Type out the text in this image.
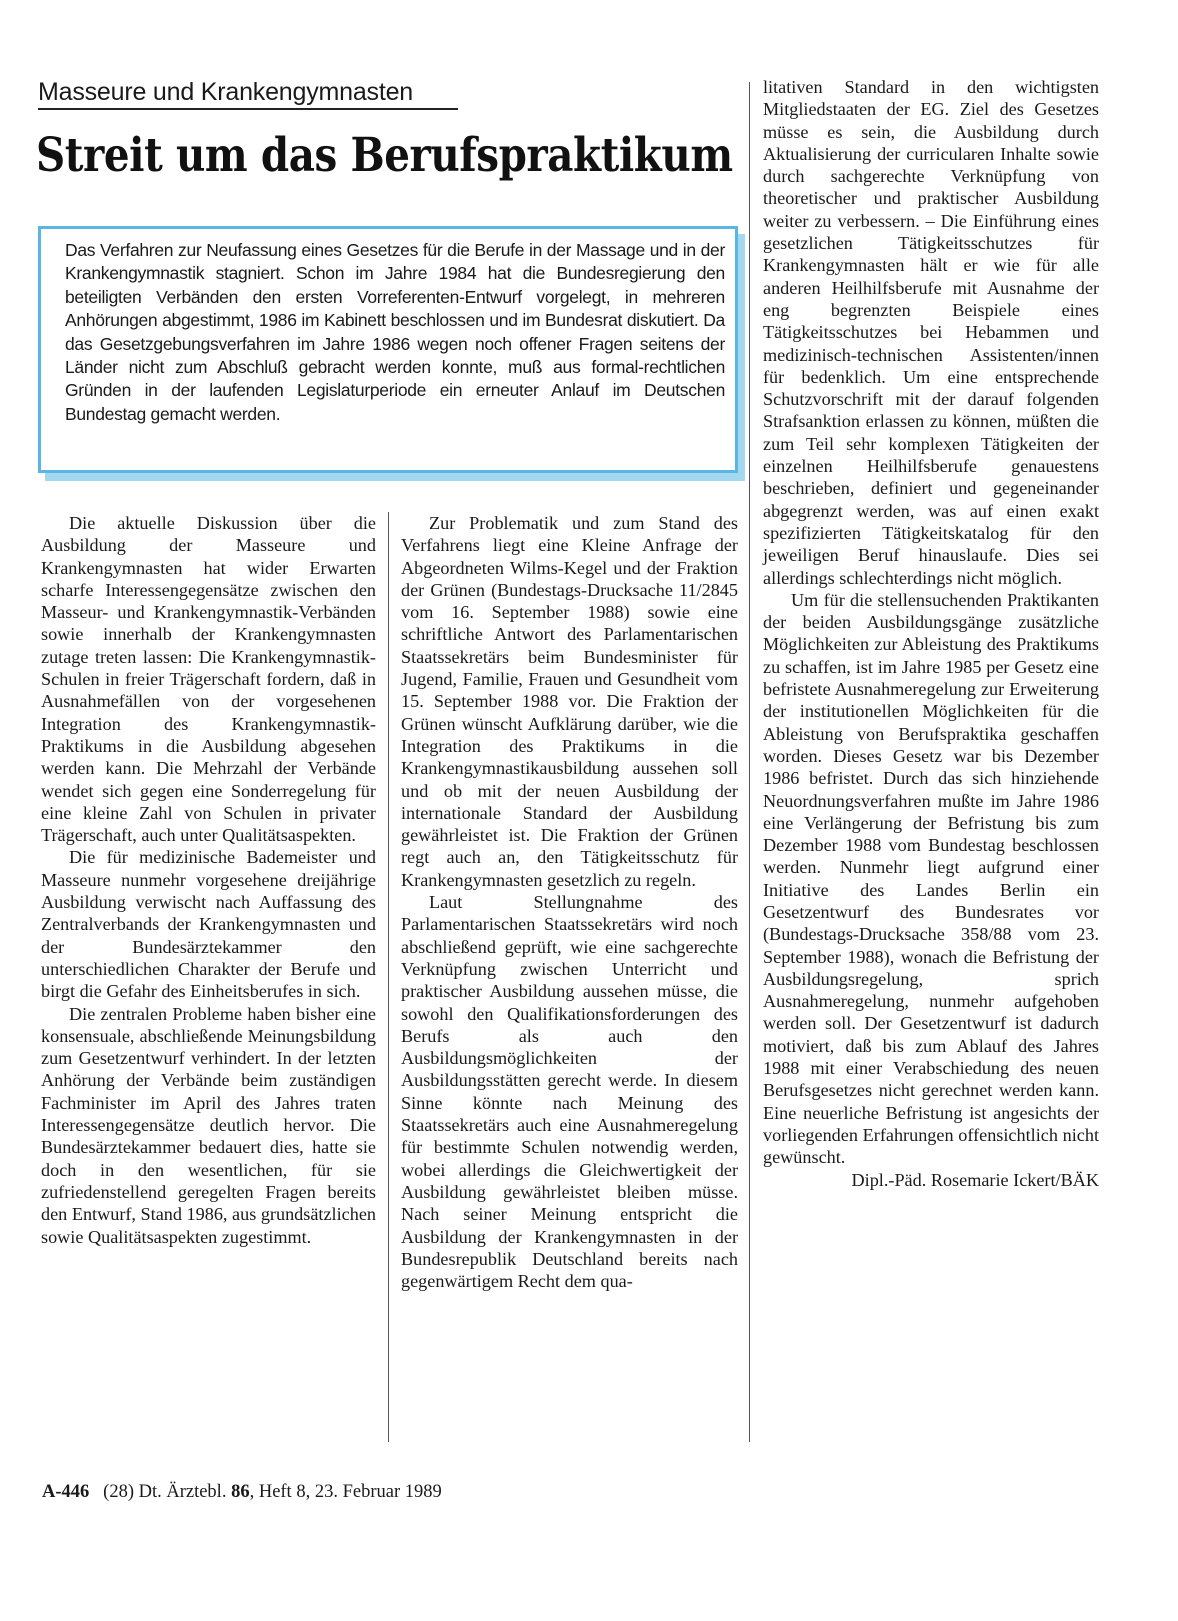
Masseure und Krankengymnasten
Streit um das Berufspraktikum
Das Verfahren zur Neufassung eines Gesetzes für die Berufe in der Massage und in der Krankengymnastik stagniert. Schon im Jahre 1984 hat die Bundesregierung den beteiligten Verbänden den ersten Vorreferenten-Entwurf vorgelegt, in mehreren Anhörungen abgestimmt, 1986 im Kabinett beschlossen und im Bundesrat diskutiert. Da das Gesetzgebungsverfahren im Jahre 1986 wegen noch offener Fragen seitens der Länder nicht zum Abschluß gebracht werden konnte, muß aus formal-rechtlichen Gründen in der laufenden Legislaturperiode ein erneuter Anlauf im Deutschen Bundestag gemacht werden.

Die aktuelle Diskussion über die Ausbildung der Masseure und Krankengymnasten hat wider Erwarten scharfe Interessengegensätze zwischen den Masseur- und Krankengymnastik-Verbänden sowie innerhalb der Krankengymnasten zutage treten lassen: Die Krankengymnastik-Schulen in freier Trägerschaft fordern, daß in Ausnahmefällen von der vorgesehenen Integration des Krankengymnastik-Praktikums in die Ausbildung abgesehen werden kann. Die Mehrzahl der Verbände wendet sich gegen eine Sonderregelung für eine kleine Zahl von Schulen in privater Trägerschaft, auch unter Qualitätsaspekten.

Die für medizinische Bademeister und Masseure nunmehr vorgesehene dreijährige Ausbildung verwischt nach Auffassung des Zentralverbands der Krankengymnasten und der Bundesärztekammer den unterschiedlichen Charakter der Berufe und birgt die Gefahr des Einheitsberufes in sich.

Die zentralen Probleme haben bisher eine konsensuale, abschließende Meinungsbildung zum Gesetzentwurf verhindert. In der letzten Anhörung der Verbände beim zuständigen Fachminister im April des Jahres traten Interessengegensätze deutlich hervor. Die Bundesärztekammer bedauert dies, hatte sie doch in den wesentlichen, für sie zufriedenstellend geregelten Fragen bereits den Entwurf, Stand 1986, aus grundsätzlichen sowie Qualitätsaspekten zugestimmt.

Zur Problematik und zum Stand des Verfahrens liegt eine Kleine Anfrage der Abgeordneten Wilms-Kegel und der Fraktion der Grünen (Bundestags-Drucksache 11/2845 vom 16. September 1988) sowie eine schriftliche Antwort des Parlamentarischen Staatssekretärs beim Bundesminister für Jugend, Familie, Frauen und Gesundheit vom 15. September 1988 vor. Die Fraktion der Grünen wünscht Aufklärung darüber, wie die Integration des Praktikums in die Krankengymnastikausbildung aussehen soll und ob mit der neuen Ausbildung der internationale Standard der Ausbildung gewährleistet ist. Die Fraktion der Grünen regt auch an, den Tätigkeitsschutz für Krankengymnasten gesetzlich zu regeln.

Laut Stellungnahme des Parlamentarischen Staatssekretärs wird noch abschließend geprüft, wie eine sachgerechte Verknüpfung zwischen Unterricht und praktischer Ausbildung aussehen müsse, die sowohl den Qualifikationsforderungen des Berufs als auch den Ausbildungsmöglichkeiten der Ausbildungsstätten gerecht werde. In diesem Sinne könnte nach Meinung des Staatssekretärs auch eine Ausnahmeregelung für bestimmte Schulen notwendig werden, wobei allerdings die Gleichwertigkeit der Ausbildung gewährleistet bleiben müsse. Nach seiner Meinung entspricht die Ausbildung der Krankengymnasten in der Bundesrepublik Deutschland bereits nach gegenwärtigem Recht dem qua-

litativen Standard in den wichtigsten Mitgliedstaaten der EG. Ziel des Gesetzes müsse es sein, die Ausbildung durch Aktualisierung der curricularen Inhalte sowie durch sachgerechte Verknüpfung von theoretischer und praktischer Ausbildung weiter zu verbessern. – Die Einführung eines gesetzlichen Tätigkeitsschutzes für Krankengymnasten hält er wie für alle anderen Heilhilfsberufe mit Ausnahme der eng begrenzten Beispiele eines Tätigkeitsschutzes bei Hebammen und medizinisch-technischen Assistenten/innen für bedenklich. Um eine entsprechende Schutzvorschrift mit der darauf folgenden Strafsanktion erlassen zu können, müßten die zum Teil sehr komplexen Tätigkeiten der einzelnen Heilhilfsberufe genauestens beschrieben, definiert und gegeneinander abgegrenzt werden, was auf einen exakt spezifizierten Tätigkeitskatalog für den jeweiligen Beruf hinauslaufe. Dies sei allerdings schlechterdings nicht möglich.

Um für die stellensuchenden Praktikanten der beiden Ausbildungsgänge zusätzliche Möglichkeiten zur Ableistung des Praktikums zu schaffen, ist im Jahre 1985 per Gesetz eine befristete Ausnahmeregelung zur Erweiterung der institutionellen Möglichkeiten für die Ableistung von Berufspraktika geschaffen worden. Dieses Gesetz war bis Dezember 1986 befristet. Durch das sich hinziehende Neuordnungsverfahren mußte im Jahre 1986 eine Verlängerung der Befristung bis zum Dezember 1988 vom Bundestag beschlossen werden. Nunmehr liegt aufgrund einer Initiative des Landes Berlin ein Gesetzentwurf des Bundesrates vor (Bundestags-Drucksache 358/88 vom 23. September 1988), wonach die Befristung der Ausbildungsregelung, sprich Ausnahmeregelung, nunmehr aufgehoben werden soll. Der Gesetzentwurf ist dadurch motiviert, daß bis zum Ablauf des Jahres 1988 mit einer Verabschiedung des neuen Berufsgesetzes nicht gerechnet werden kann. Eine neuerliche Befristung ist angesichts der vorliegenden Erfahrungen offensichtlich nicht gewünscht.

Dipl.-Päd. Rosemarie Ickert/BÄK

A-446 (28) Dt. Ärztebl. 86, Heft 8, 23. Februar 1989
